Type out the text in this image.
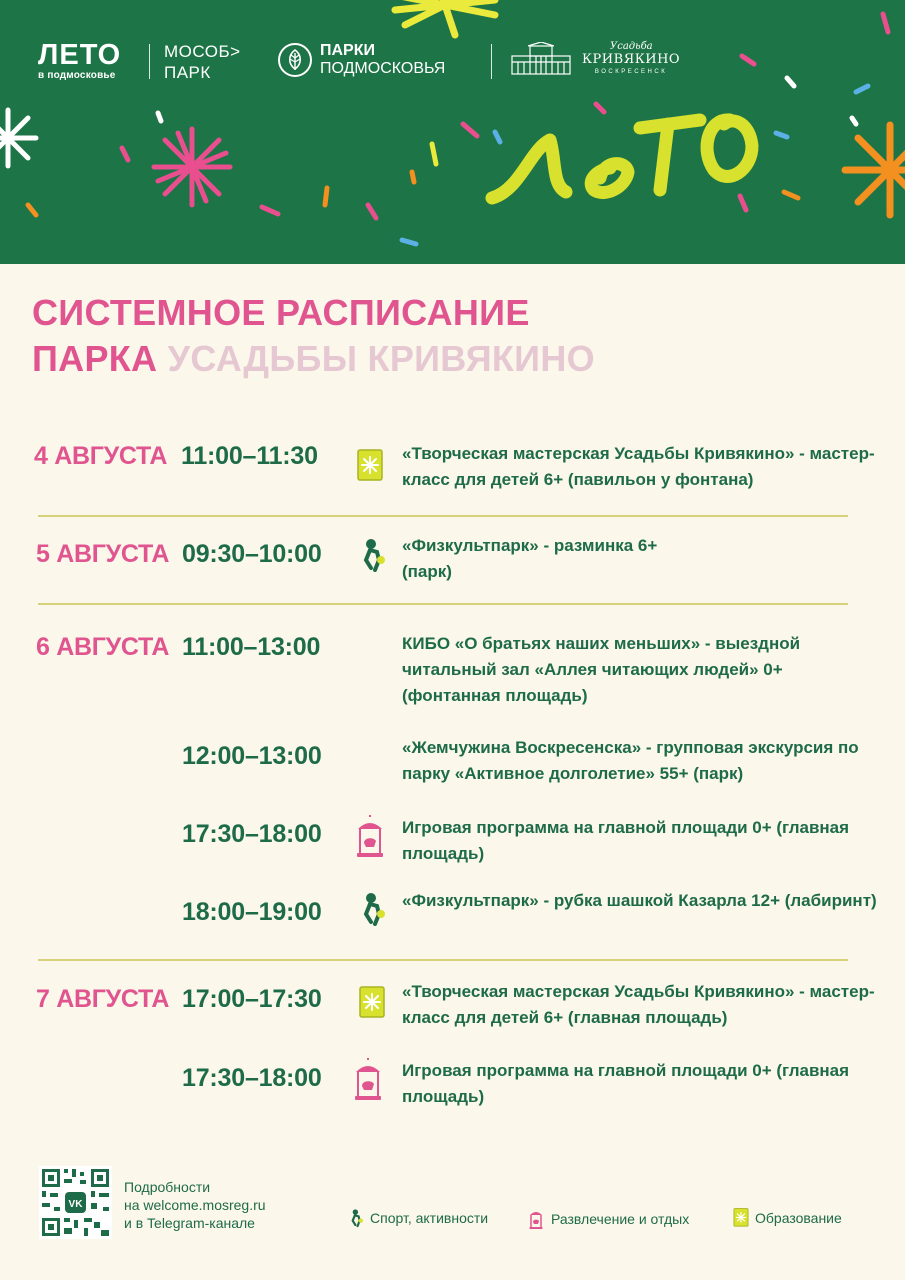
ЛЕТО
в подмосковье
МОСОБ>
ПАРК
ПАРКИ
ПОДМОСКОВЬЯ
Усадьба
КРИВЯКИНО
ВОСКРЕСЕНСК
СИСТЕМНОЕ РАСПИСАНИЕ
ПАРКА УСАДЬБЫ КРИВЯКИНО
4 АВГУСТА 11:00–11:30	«Творческая мастерская Усадьбы Кривякино» - мастер-класс для детей 6+ (павильон у фонтана)
5 АВГУСТА 09:30–10:00	«Физкультпарк» - разминка 6+ (парк)
6 АВГУСТА 11:00–13:00	КИБО «О братьях наших меньших» - выездной читальный зал «Аллея читающих людей» 0+ (фонтанная площадь)
12:00–13:00	«Жемчужина Воскресенска» - групповая экскурсия по парку «Активное долголетие» 55+ (парк)
17:30–18:00	Игровая программа на главной площади 0+ (главная площадь)
18:00–19:00	«Физкультпарк» - рубка шашкой Казарла 12+ (лабиринт)
7 АВГУСТА 17:00–17:30	«Творческая мастерская Усадьбы Кривякино» - мастер-класс для детей 6+ (главная площадь)
17:30–18:00	Игровая программа на главной площади 0+ (главная площадь)
VK
Подробности
на welcome.mosreg.ru
и в Telegram-канале	Спорт, активности	Развлечение и отдых	Образование
